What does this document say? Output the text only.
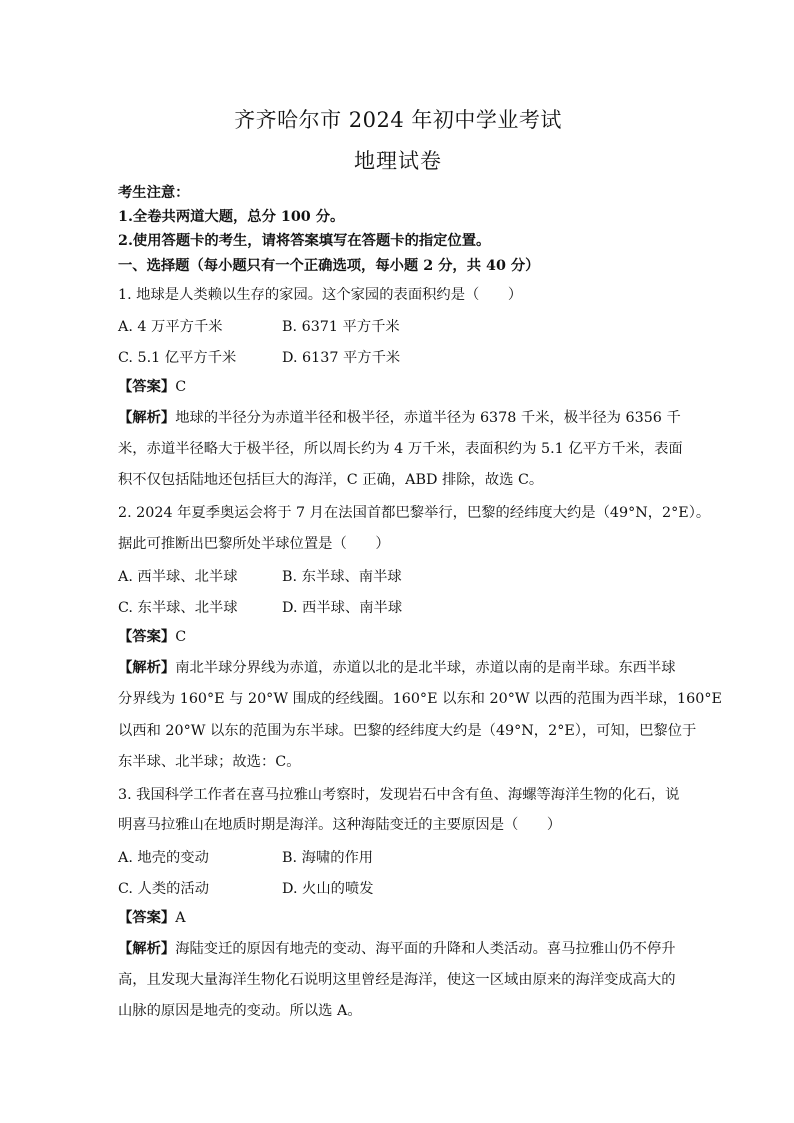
齐齐哈尔市 2024 年初中学业考试
地理试卷
考生注意：
1.全卷共两道大题，总分 100 分。
2.使用答题卡的考生，请将答案填写在答题卡的指定位置。
一、选择题（每小题只有一个正确选项，每小题 2 分，共 40 分）
1. 地球是人类赖以生存的家园。这个家园的表面积约是（　　）
A. 4 万平方千米	B. 6371 平方千米
C. 5.1 亿平方千米	D. 6137 平方千米
【答案】C
【解析】地球的半径分为赤道半径和极半径，赤道半径为 6378 千米，极半径为 6356 千
米，赤道半径略大于极半径，所以周长约为 4 万千米，表面积约为 5.1 亿平方千米，表面
积不仅包括陆地还包括巨大的海洋，C 正确，ABD 排除，故选 C。
2. 2024 年夏季奥运会将于 7 月在法国首都巴黎举行，巴黎的经纬度大约是（49°N，2°E）。
据此可推断出巴黎所处半球位置是（　　）
A. 西半球、北半球	B. 东半球、南半球
C. 东半球、北半球	D. 西半球、南半球
【答案】C
【解析】南北半球分界线为赤道，赤道以北的是北半球，赤道以南的是南半球。东西半球
分界线为 160°E 与 20°W 围成的经线圈。160°E 以东和 20°W 以西的范围为西半球，160°E
以西和 20°W 以东的范围为东半球。巴黎的经纬度大约是（49°N，2°E），可知，巴黎位于
东半球、北半球；故选：C。
3. 我国科学工作者在喜马拉雅山考察时，发现岩石中含有鱼、海螺等海洋生物的化石，说
明喜马拉雅山在地质时期是海洋。这种海陆变迁的主要原因是（　　）
A. 地壳的变动	B. 海啸的作用
C. 人类的活动	D. 火山的喷发
【答案】A
【解析】海陆变迁的原因有地壳的变动、海平面的升降和人类活动。喜马拉雅山仍不停升
高，且发现大量海洋生物化石说明这里曾经是海洋，使这一区域由原来的海洋变成高大的
山脉的原因是地壳的变动。所以选 A。
